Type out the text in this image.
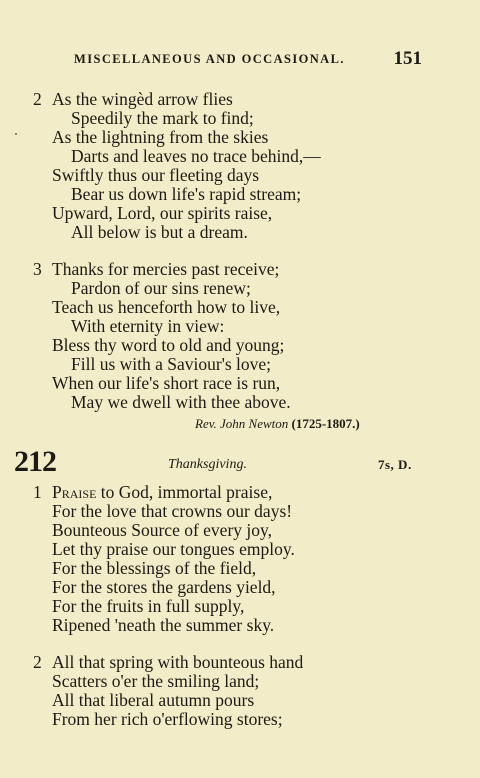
MISCELLANEOUS AND OCCASIONAL.	151
2 As the wingèd arrow flies
Speedily the mark to find;
As the lightning from the skies
Darts and leaves no trace behind,—
Swiftly thus our fleeting days
Bear us down life's rapid stream;
Upward, Lord, our spirits raise,
All below is but a dream.
3 Thanks for mercies past receive;
Pardon of our sins renew;
Teach us henceforth how to live,
With eternity in view:
Bless thy word to old and young;
Fill us with a Saviour's love;
When our life's short race is run,
May we dwell with thee above.
Rev. John Newton (1725-1807.)
212	Thanksgiving.	7s, D.
1 Praise to God, immortal praise,
For the love that crowns our days!
Bounteous Source of every joy,
Let thy praise our tongues employ.
For the blessings of the field,
For the stores the gardens yield,
For the fruits in full supply,
Ripened 'neath the summer sky.
2 All that spring with bounteous hand
Scatters o'er the smiling land;
All that liberal autumn pours
From her rich o'erflowing stores;
